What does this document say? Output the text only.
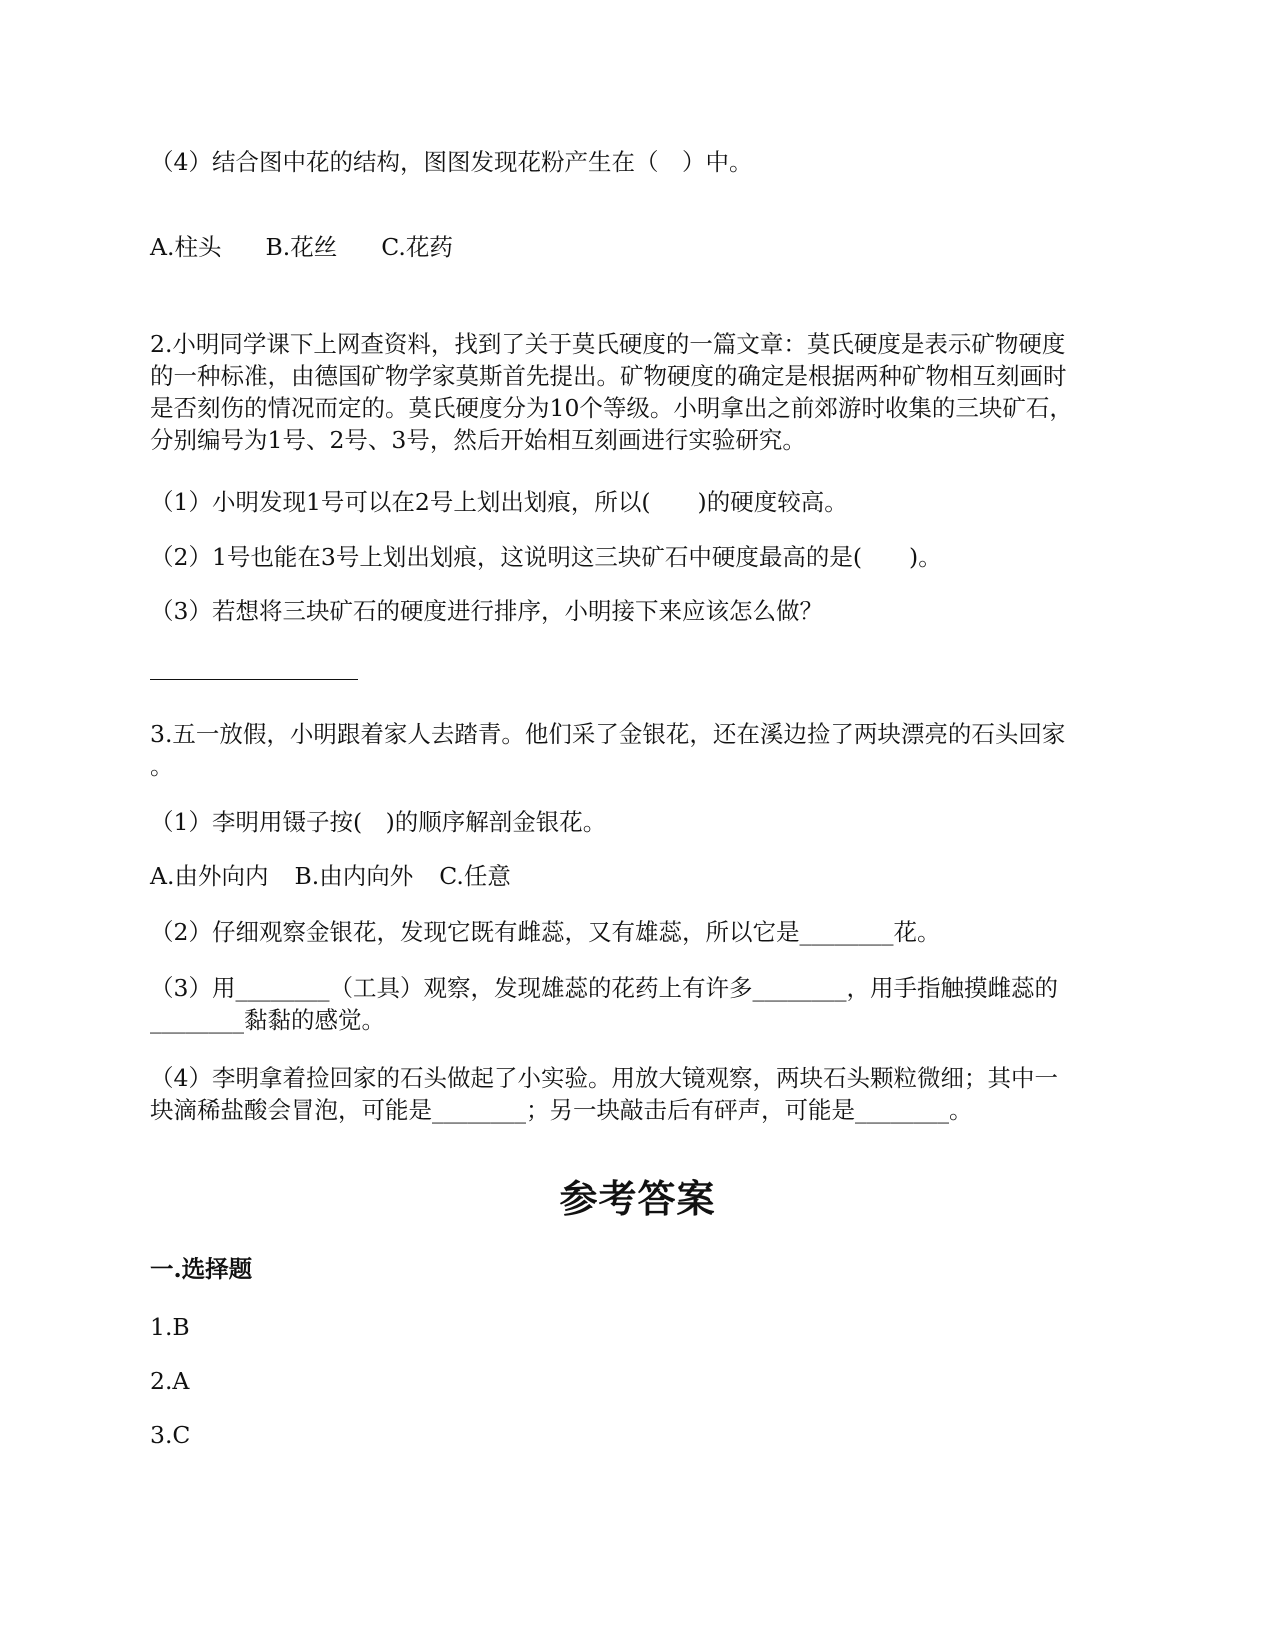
（4）结合图中花的结构，图图发现花粉产生在（　）中。
A.柱头 B.花丝 C.花药
2.小明同学课下上网查资料，找到了关于莫氏硬度的一篇文章：莫氏硬度是表示矿物硬度
的一种标准，由德国矿物学家莫斯首先提出。矿物硬度的确定是根据两种矿物相互刻画时
是否刻伤的情况而定的。莫氏硬度分为10个等级。小明拿出之前郊游时收集的三块矿石，
分别编号为1号、2号、3号，然后开始相互刻画进行实验研究。
（1）小明发现1号可以在2号上划出划痕，所以(　　)的硬度较高。
（2）1号也能在3号上划出划痕，这说明这三块矿石中硬度最高的是(　　)。
（3）若想将三块矿石的硬度进行排序，小明接下来应该怎么做？
3.五一放假，小明跟着家人去踏青。他们采了金银花，还在溪边捡了两块漂亮的石头回家
。
（1）李明用镊子按(　)的顺序解剖金银花。
A.由外向内 B.由内向外 C.任意
（2）仔细观察金银花，发现它既有雌蕊，又有雄蕊，所以它是________花。
（3）用________（工具）观察，发现雄蕊的花药上有许多________，用手指触摸雌蕊的
________黏黏的感觉。
（4）李明拿着捡回家的石头做起了小实验。用放大镜观察，两块石头颗粒微细；其中一
块滴稀盐酸会冒泡，可能是________；另一块敲击后有砰声，可能是________。
参考答案
一.选择题
1.B
2.A
3.C
